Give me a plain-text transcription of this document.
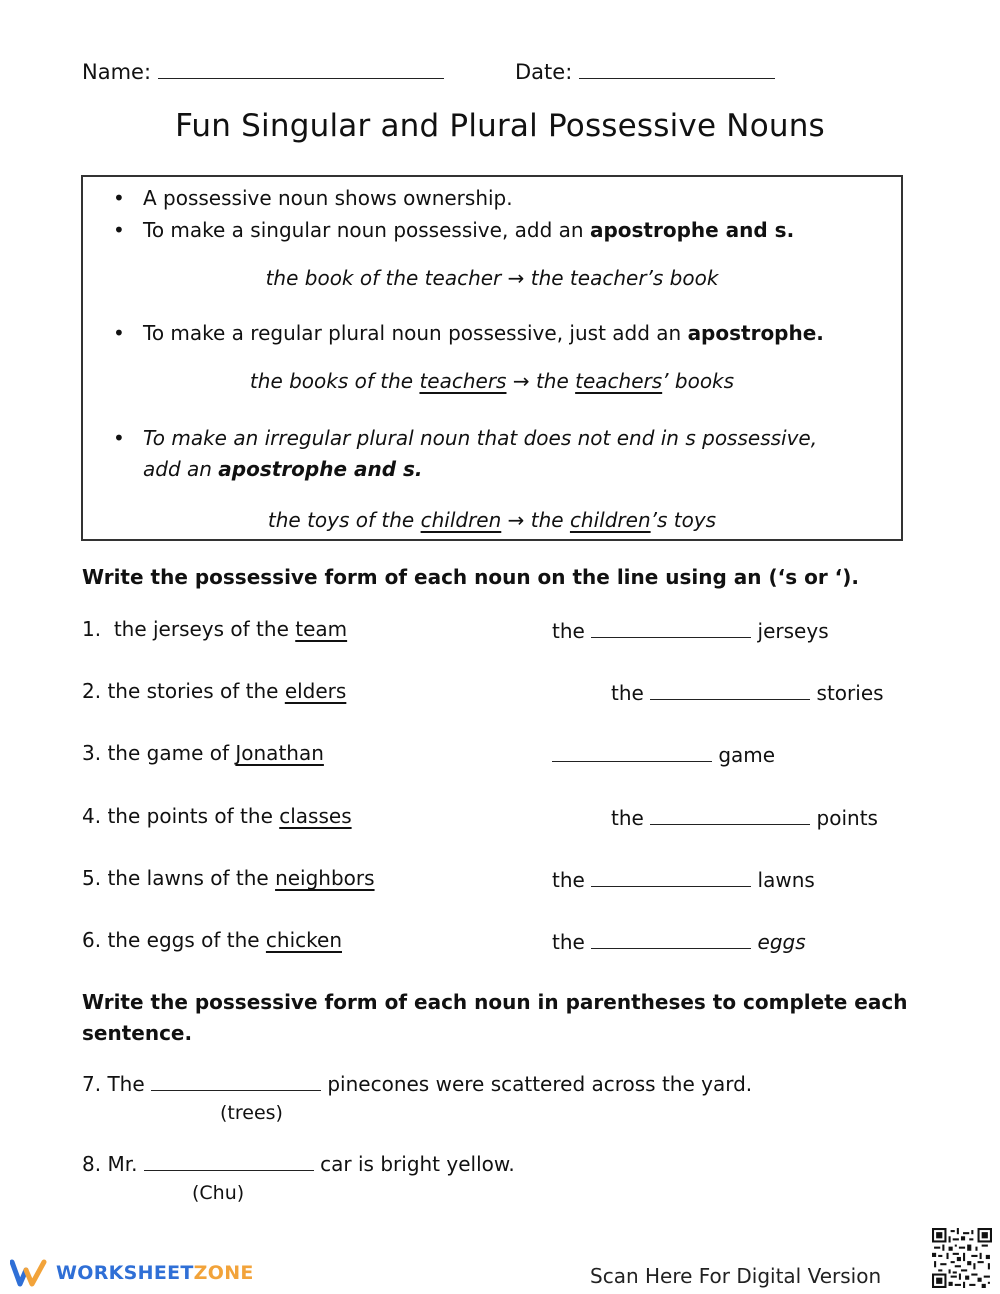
Name:	Date:
Fun Singular and Plural Possessive Nouns
• A possessive noun shows ownership.
• To make a singular noun possessive, add an apostrophe and s.
the book of the teacher → the teacher’s book
• To make a regular plural noun possessive, just add an apostrophe.
the books of the teachers → the teachers’ books
• To make an irregular plural noun that does not end in s possessive,
add an apostrophe and s.
the toys of the children → the children’s toys
Write the possessive form of each noun on the line using an (‘s or ‘).
1. the jerseys of the team	the	jerseys
2. the stories of the elders	the	stories
3. the game of Jonathan	game
4. the points of the classes	the	points
5. the lawns of the neighbors	the	lawns
6. the eggs of the chicken	the	eggs
Write the possessive form of each noun in parentheses to complete each
sentence.
7. The	pinecones were scattered across the yard.
(trees)
8. Mr.	car is bright yellow.
(Chu)
WORKSHEETZONE	Scan Here For Digital Version
